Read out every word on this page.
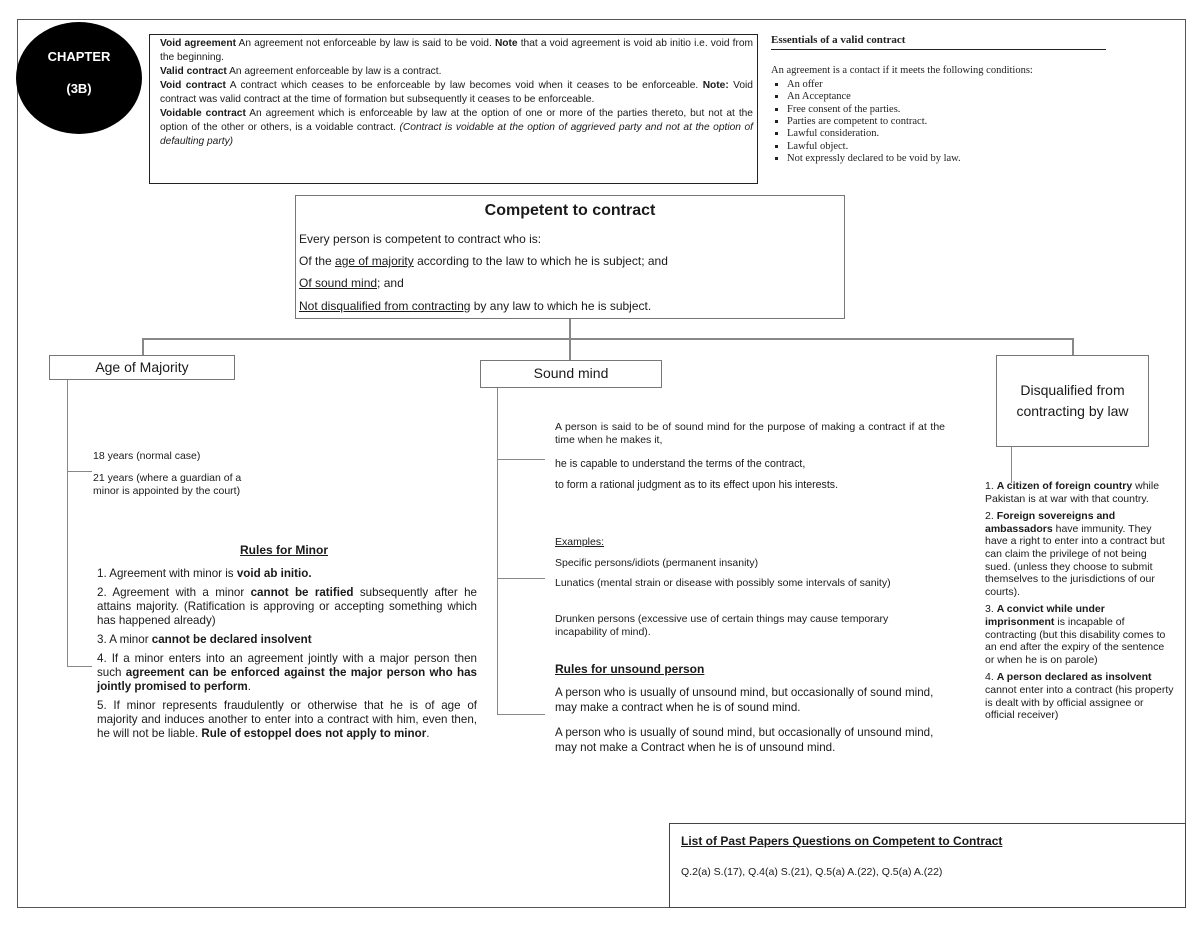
CHAPTER
(3B)

Void agreement An agreement not enforceable by law is said to be void. Note that a void agreement is void ab initio i.e. void from the beginning.

Valid contract An agreement enforceable by law is a contract.

Void contract A contract which ceases to be enforceable by law becomes void when it ceases to be enforceable. Note: Void contract was valid contract at the time of formation but subsequently it ceases to be enforceable.

Voidable contract An agreement which is enforceable by law at the option of one or more of the parties thereto, but not at the option of the other or others, is a voidable contract. (Contract is voidable at the option of aggrieved party and not at the option of defaulting party)

Essentials of a valid contract
An agreement is a contact if it meets the following conditions:
▪ An offer
▪ An Acceptance
▪ Free consent of the parties.
▪ Parties are competent to contract.
▪ Lawful consideration.
▪ Lawful object.
▪ Not expressly declared to be void by law.
Competent to contract
Every person is competent to contract who is:
Of the age of majority according to the law to which he is subject; and
Of sound mind; and
Not disqualified from contracting by any law to which he is subject.
Age of Majority
18 years (normal case)
21 years (where a guardian of a
minor is appointed by the court)
Rules for Minor

1. Agreement with minor is void ab initio.

2. Agreement with a minor cannot be ratified subsequently after he attains majority. (Ratification is approving or accepting something which has happened already)

3. A minor cannot be declared insolvent

4. If a minor enters into an agreement jointly with a major person then such agreement can be enforced against the major person who has jointly promised to perform.

5. If minor represents fraudulently or otherwise that he is of age of majority and induces another to enter into a contract with him, even then, he will not be liable. Rule of estoppel does not apply to minor.

Sound mind
A person is said to be of sound mind for the purpose of making a contract if at the time when he makes it,
he is capable to understand the terms of the contract,
to form a rational judgment as to its effect upon his interests.
Examples:
Specific persons/idiots (permanent insanity)
Lunatics (mental strain or disease with possibly some intervals of sanity)
Drunken persons (excessive use of certain things may cause temporary incapability of mind).
Rules for unsound person
A person who is usually of unsound mind, but occasionally of sound mind, may make a contract when he is of sound mind.
A person who is usually of sound mind, but occasionally of unsound mind, may not make a Contract when he is of unsound mind.
Disqualified from
contracting by law

1. A citizen of foreign country while Pakistan is at war with that country.

2. Foreign sovereigns and ambassadors have immunity. They have a right to enter into a contract but can claim the privilege of not being sued. (unless they choose to submit themselves to the jurisdictions of our courts).

3. A convict while under imprisonment is incapable of contracting (but this disability comes to an end after the expiry of the sentence or when he is on parole)

4. A person declared as insolvent cannot enter into a contract (his property is dealt with by official assignee or official receiver)

List of Past Papers Questions on Competent to Contract
Q.2(a) S.(17), Q.4(a) S.(21), Q.5(a) A.(22), Q.5(a) A.(22)
